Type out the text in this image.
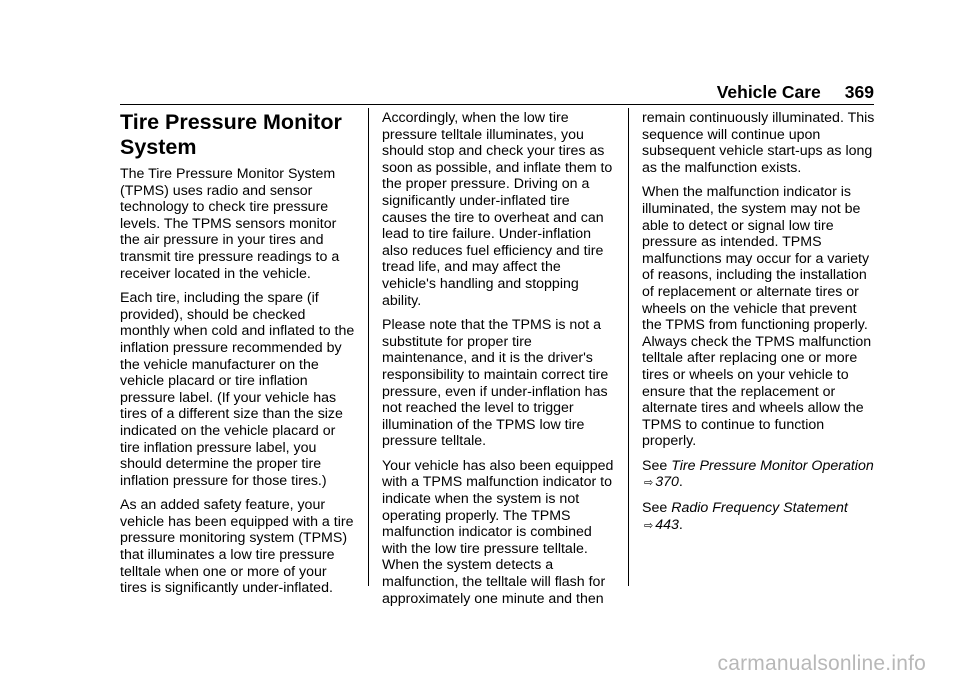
Vehicle Care 369
Tire Pressure Monitor System

The Tire Pressure Monitor System (TPMS) uses radio and sensor technology to check tire pressure levels. The TPMS sensors monitor the air pressure in your tires and transmit tire pressure readings to a receiver located in the vehicle.

Each tire, including the spare (if provided), should be checked monthly when cold and inflated to the inflation pressure recommended by the vehicle manufacturer on the vehicle placard or tire inflation pressure label. (If your vehicle has tires of a different size than the size indicated on the vehicle placard or tire inflation pressure label, you should determine the proper tire inflation pressure for those tires.)

As an added safety feature, your vehicle has been equipped with a tire pressure monitoring system (TPMS) that illuminates a low tire pressure telltale when one or more of your tires is significantly under-inflated.

Accordingly, when the low tire pressure telltale illuminates, you should stop and check your tires as soon as possible, and inflate them to the proper pressure. Driving on a significantly under-inflated tire causes the tire to overheat and can lead to tire failure. Under-inflation also reduces fuel efficiency and tire tread life, and may affect the vehicle's handling and stopping ability.

Please note that the TPMS is not a substitute for proper tire maintenance, and it is the driver's responsibility to maintain correct tire pressure, even if under-inflation has not reached the level to trigger illumination of the TPMS low tire pressure telltale.

Your vehicle has also been equipped with a TPMS malfunction indicator to indicate when the system is not operating properly. The TPMS malfunction indicator is combined with the low tire pressure telltale. When the system detects a malfunction, the telltale will flash for approximately one minute and then

remain continuously illuminated. This sequence will continue upon subsequent vehicle start-ups as long as the malfunction exists.

When the malfunction indicator is illuminated, the system may not be able to detect or signal low tire pressure as intended. TPMS malfunctions may occur for a variety of reasons, including the installation of replacement or alternate tires or wheels on the vehicle that prevent the TPMS from functioning properly. Always check the TPMS malfunction telltale after replacing one or more tires or wheels on your vehicle to ensure that the replacement or alternate tires and wheels allow the TPMS to continue to function properly.

See Tire Pressure Monitor Operation⇨ 370.

See Radio Frequency Statement
⇨ 443.

carmanualsonline.info
